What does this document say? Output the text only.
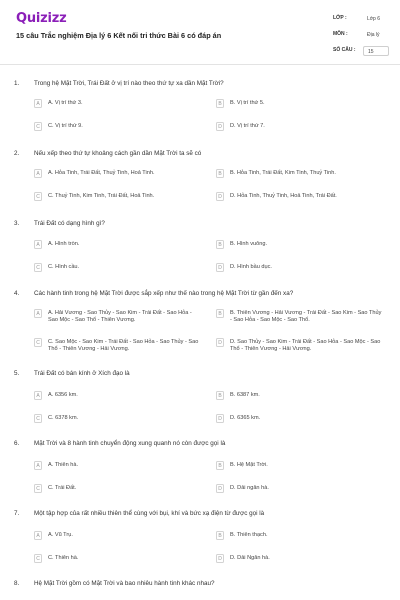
Quizizz
15 câu Trắc nghiệm Địa lý 6 Kết nối tri thức Bài 6 có đáp án
LỚP :	Lớp 6
MÔN :	Địa lý
SỐ CÂU :	15
1. Trong hệ Mặt Trời, Trái Đất ở vị trí nào theo thứ tự xa dần Mặt Trời?
A	A. Vị trí thứ 3.	B	B. Vị trí thứ 5.
C	C. Vị trí thứ 9.	D	D. Vị trí thứ 7.
2. Nếu xếp theo thứ tự khoảng cách gần dần Mặt Trời ta sẽ có
A	A. Hỏa Tinh, Trái Đất, Thuỷ Tinh, Hoả Tinh.	B	B. Hỏa Tinh, Trái Đất, Kim Tinh, Thuỷ Tinh.
C	C. Thuỷ Tinh, Kim Tinh, Trái Đất, Hoả Tinh.	D	D. Hỏa Tinh, Thuỷ Tinh, Hoả Tinh, Trái Đất.
3. Trái Đất có dạng hình gì?
A	A. Hình tròn.	B	B. Hình vuông.
C	C. Hình cầu.	D	D. Hình bầu dục.
4. Các hành tinh trong hệ Mặt Trời được sắp xếp như thế nào trong hệ Mặt Trời từ gần đến xa?
A	A. Hải Vương - Sao Thủy - Sao Kim - Trái Đất - Sao Hỏa - Sao Mộc - Sao Thổ - Thiên Vương.
B	B. Thiên Vương - Hải Vương - Trái Đất - Sao Kim - Sao Thủy - Sao Hỏa - Sao Mộc - Sao Thổ.
C	C. Sao Mộc - Sao Kim - Trái Đất - Sao Hỏa - Sao Thủy - Sao Thổ - Thiên Vương - Hải Vương.
D	D. Sao Thủy - Sao Kim - Trái Đất - Sao Hỏa - Sao Mộc - Sao Thổ - Thiên Vương - Hải Vương.
5. Trái Đất có bán kính ở Xích đạo là
A	A. 6356 km.	B	B. 6387 km.
C	C. 6378 km.	D	D. 6365 km.
6. Mặt Trời và 8 hành tinh chuyển động xung quanh nó còn được gọi là
A	A. Thiên hà.	B	B. Hệ Mặt Trời.
C	C. Trái Đất.	D	D. Dải ngân hà.
7. Một tập hợp của rất nhiều thiên thể cùng với bụi, khí và bức xạ điện từ được gọi là
A	A. Vũ Trụ.	B	B. Thiên thạch.
C	C. Thiên hà.	D	D. Dải Ngân hà.
8. Hệ Mặt Trời gồm có Mặt Trời và bao nhiêu hành tinh khác nhau?
